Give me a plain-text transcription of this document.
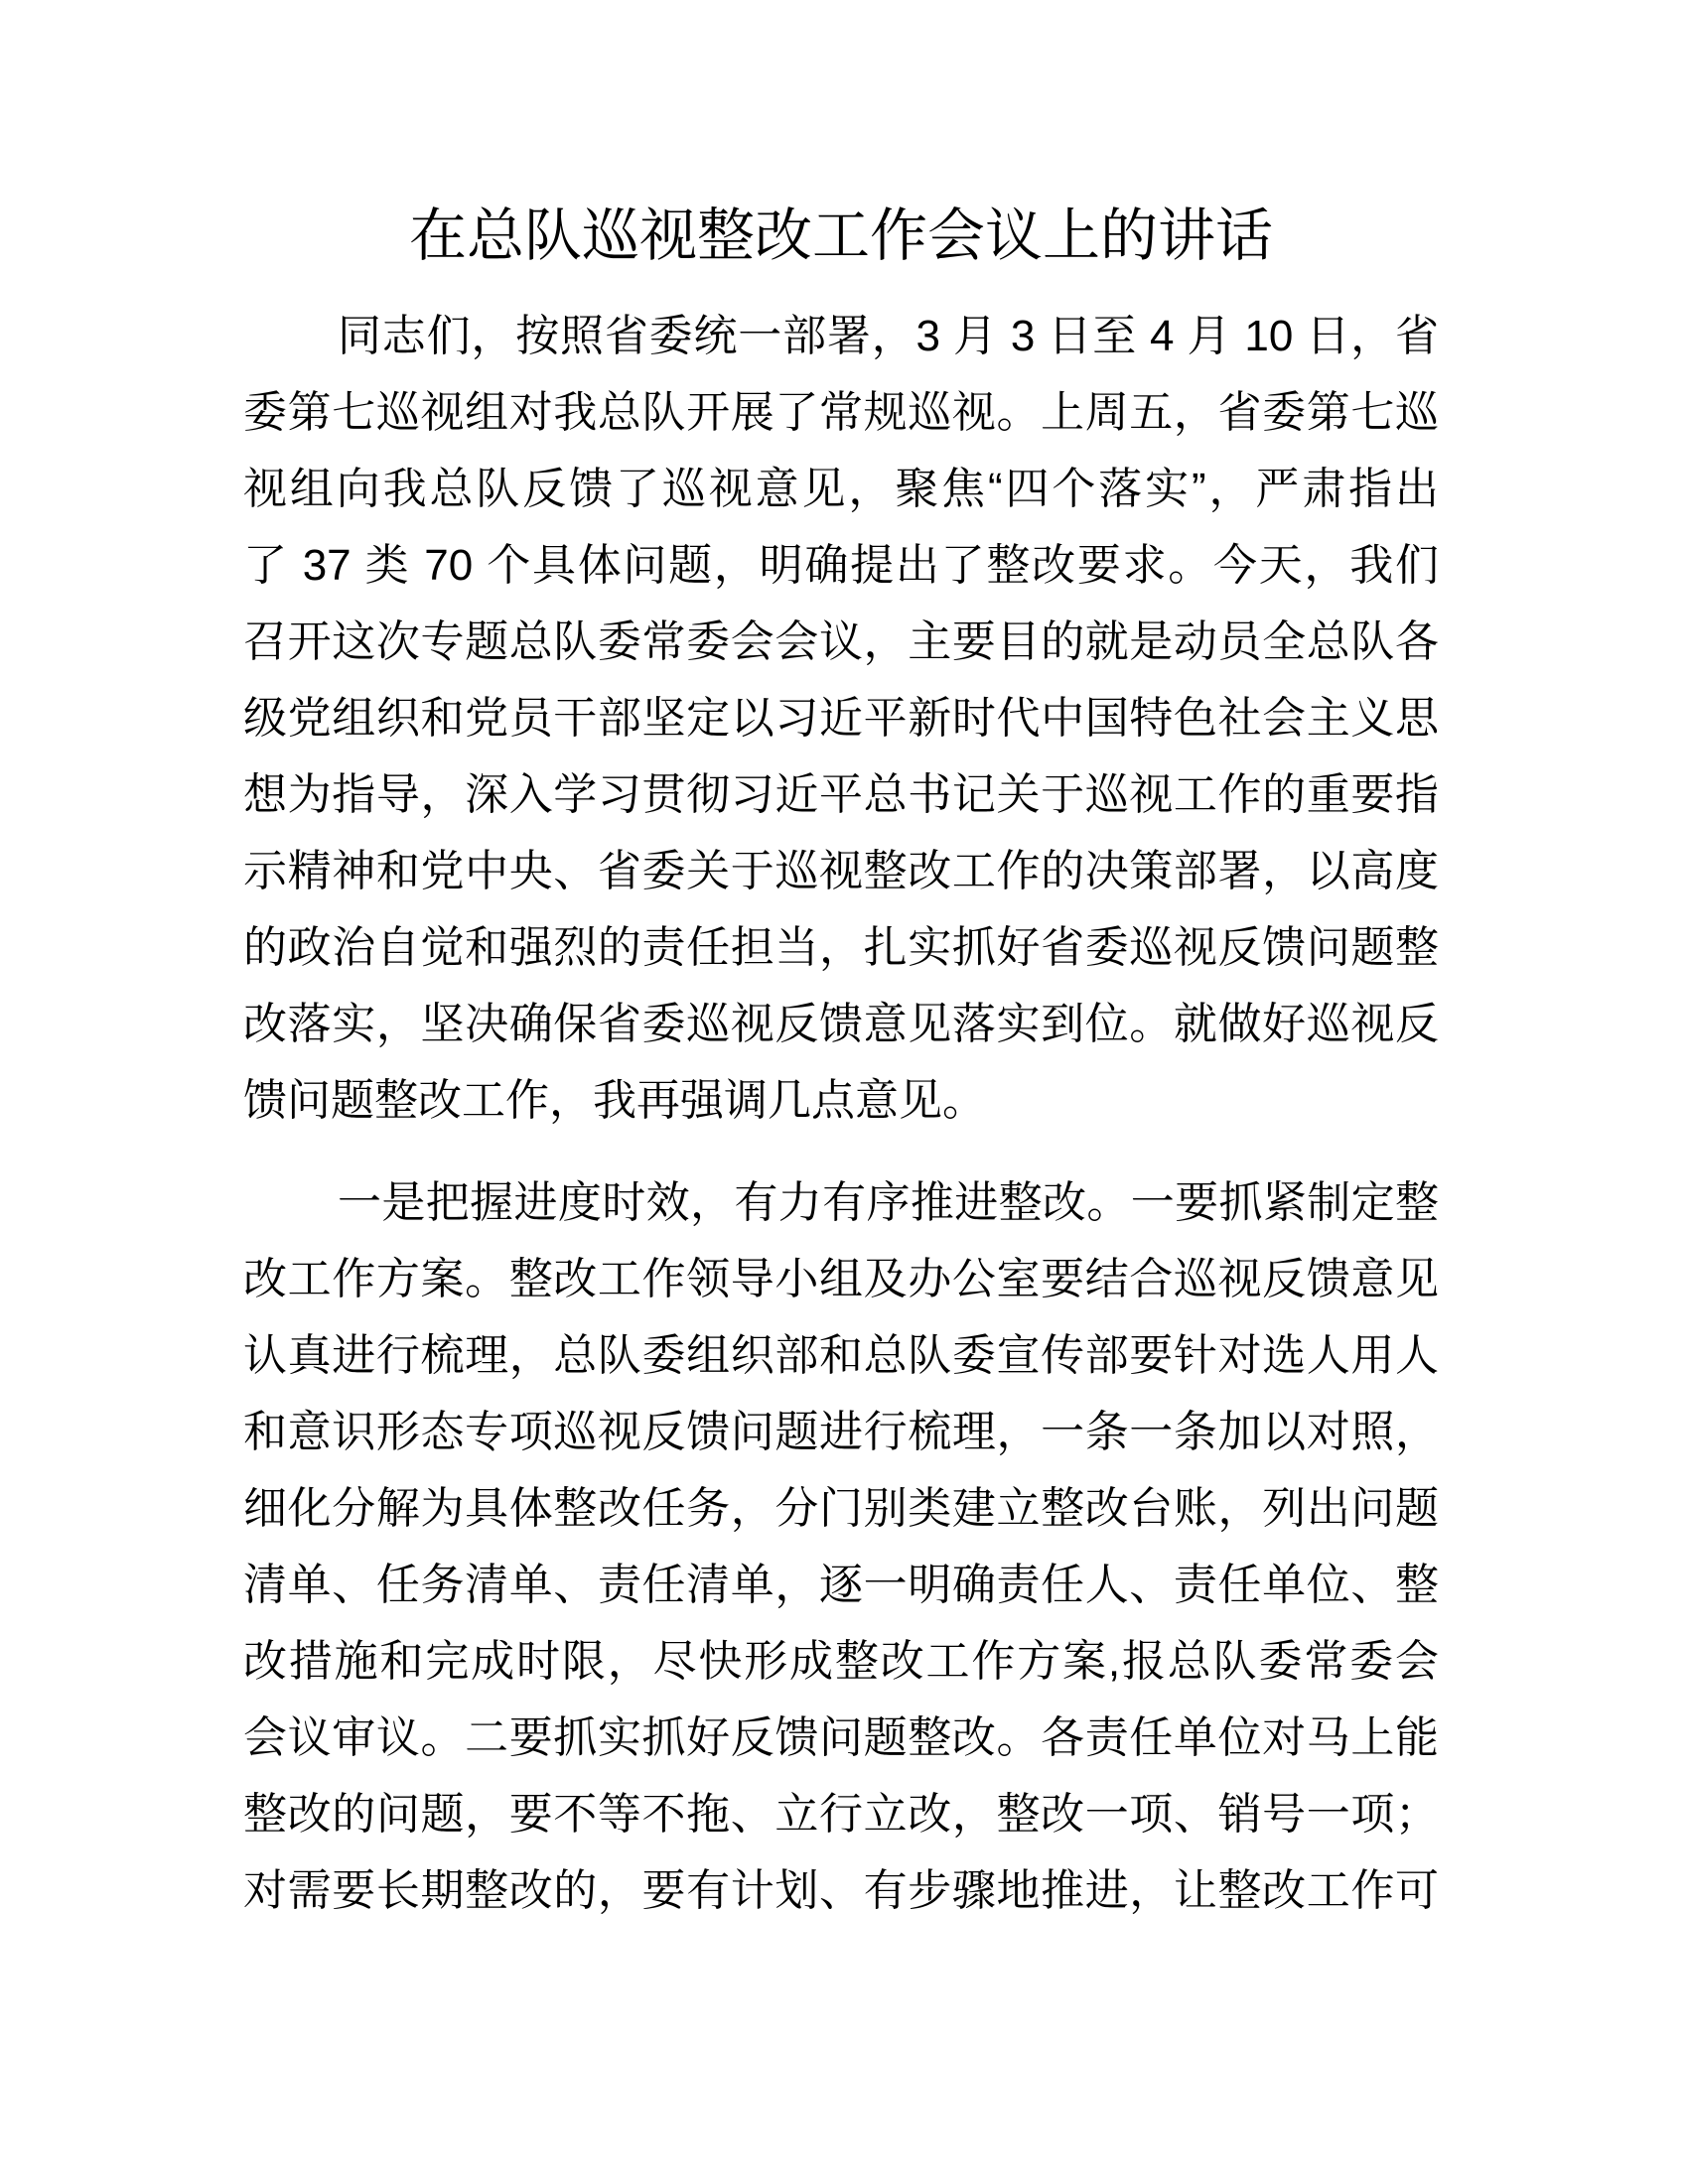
在总队巡视整改工作会议上的讲话
同志们，按照省委统一部署，3 月 3 日至 4 月 10 日，省
委第七巡视组对我总队开展了常规巡视。上周五，省委第七巡
视组向我总队反馈了巡视意见，聚焦“四个落实”，严肃指出
了 37 类 70 个具体问题，明确提出了整改要求。今天，我们
召开这次专题总队委常委会会议，主要目的就是动员全总队各
级党组织和党员干部坚定以习近平新时代中国特色社会主义思
想为指导，深入学习贯彻习近平总书记关于巡视工作的重要指
示精神和党中央、省委关于巡视整改工作的决策部署，以高度
的政治自觉和强烈的责任担当，扎实抓好省委巡视反馈问题整
改落实，坚决确保省委巡视反馈意见落实到位。就做好巡视反
馈问题整改工作，我再强调几点意见。
一是把握进度时效，有力有序推进整改。一要抓紧制定整
改工作方案。整改工作领导小组及办公室要结合巡视反馈意见
认真进行梳理，总队委组织部和总队委宣传部要针对选人用人
和意识形态专项巡视反馈问题进行梳理，一条一条加以对照，
细化分解为具体整改任务，分门别类建立整改台账，列出问题
清单、任务清单、责任清单，逐一明确责任人、责任单位、整
改措施和完成时限，尽快形成整改工作方案,报总队委常委会
会议审议。二要抓实抓好反馈问题整改。各责任单位对马上能
整改的问题，要不等不拖、立行立改，整改一项、销号一项；
对需要长期整改的，要有计划、有步骤地推进，让整改工作可
